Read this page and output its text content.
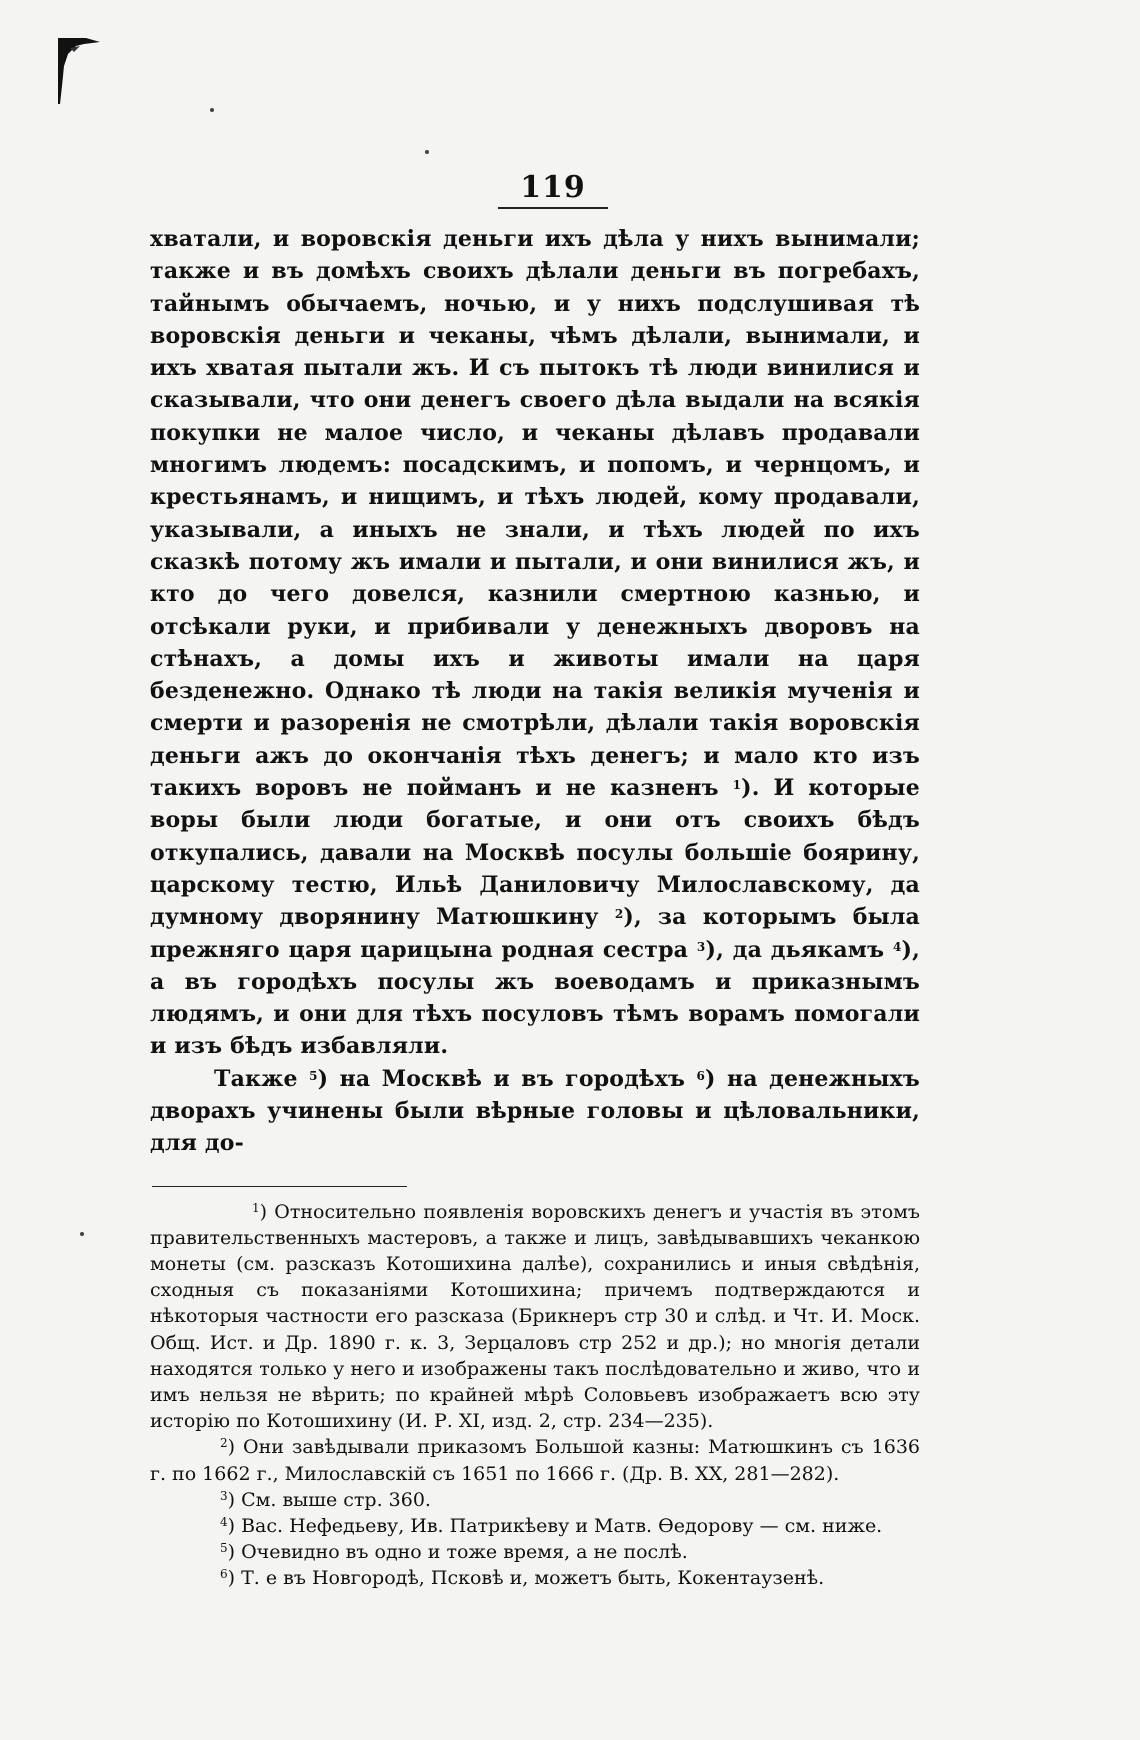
119

хватали, и воровскія деньги ихъ дѣла у нихъ вынимали; также и въ домѣхъ своихъ дѣлали деньги въ погребахъ, тайнымъ обычаемъ, ночью, и у нихъ подслушивая тѣ воровскія деньги и чеканы, чѣмъ дѣлали, вынимали, и ихъ хватая пытали жъ. И съ пытокъ тѣ люди винилися и сказывали, что они денегъ своего дѣла выдали на всякія покупки не малое число, и чеканы дѣлавъ продавали многимъ людемъ: посадскимъ, и попомъ, и чернцомъ, и крестьянамъ, и нищимъ, и тѣхъ людей, кому продавали, указывали, а иныхъ не знали, и тѣхъ людей по ихъ сказкѣ потому жъ имали и пытали, и они винилися жъ, и кто до чего довелся, казнили смертною казнью, и отсѣкали руки, и прибивали у денежныхъ дворовъ на стѣнахъ, а домы ихъ и животы имали на царя безденежно. Однако тѣ люди на такія великія мученія и смерти и разоренія не смотрѣли, дѣлали такія воровскія деньги ажъ до окончанія тѣхъ денегъ; и мало кто изъ такихъ воровъ не пойманъ и не казненъ $^1$). И которые воры были люди богатые, и они отъ своихъ бѣдъ откупались, давали на Москвѣ посулы большіе боярину, царскому тестю, Ильѣ Даниловичу Милославскому, да думному дворянину Матюшкину $^2$), за которымъ была прежняго царя царицына родная сестра $^3$), да дьякамъ $^4$), а въ городѣхъ посулы жъ воеводамъ и приказнымъ людямъ, и они для тѣхъ посуловъ тѣмъ ворамъ помогали и изъ бѣдъ избавляли.

Также $^5$) на Москвѣ и въ городѣхъ $^6$) на денежныхъ дворахъ учинены были вѣрные головы и цѣловальники, для до-

$^1$) Относительно появленія воровскихъ денегъ и участія въ этомъ правительственныхъ мастеровъ, а также и лицъ, завѣдывавшихъ чеканкою монеты (см. разсказъ Котошихина далѣе), сохранились и иныя свѣдѣнія, сходныя съ показаніями Котошихина; причемъ подтверждаются и нѣкоторыя частности его разсказа (Брикнеръ стр 30 и слѣд. и Чт. И. Моск. Общ. Ист. и Др. 1890 г. к. 3, Зерцаловъ стр 252 и др.); но многія детали находятся только у него и изображены такъ послѣдовательно и живо, что и имъ нельзя не вѣрить; по крайней мѣрѣ Соловьевъ изображаетъ всю эту исторію по Котошихину (И. Р. XI, изд. 2, стр. 234—235).

$^2$) Они завѣдывали приказомъ Большой казны: Матюшкинъ съ 1636 г. по 1662 г., Милославскій съ 1651 по 1666 г. (Др. В. XX, 281—282).

$^3$) См. выше стр. 360.

$^4$) Вас. Нефедьеву, Ив. Патрикѣеву и Матв. Ѳедорову — см. ниже.

$^5$) Очевидно въ одно и тоже время, а не послѣ.

$^6$) Т. е въ Новгородѣ, Псковѣ и, можетъ быть, Кокентаузенѣ.
